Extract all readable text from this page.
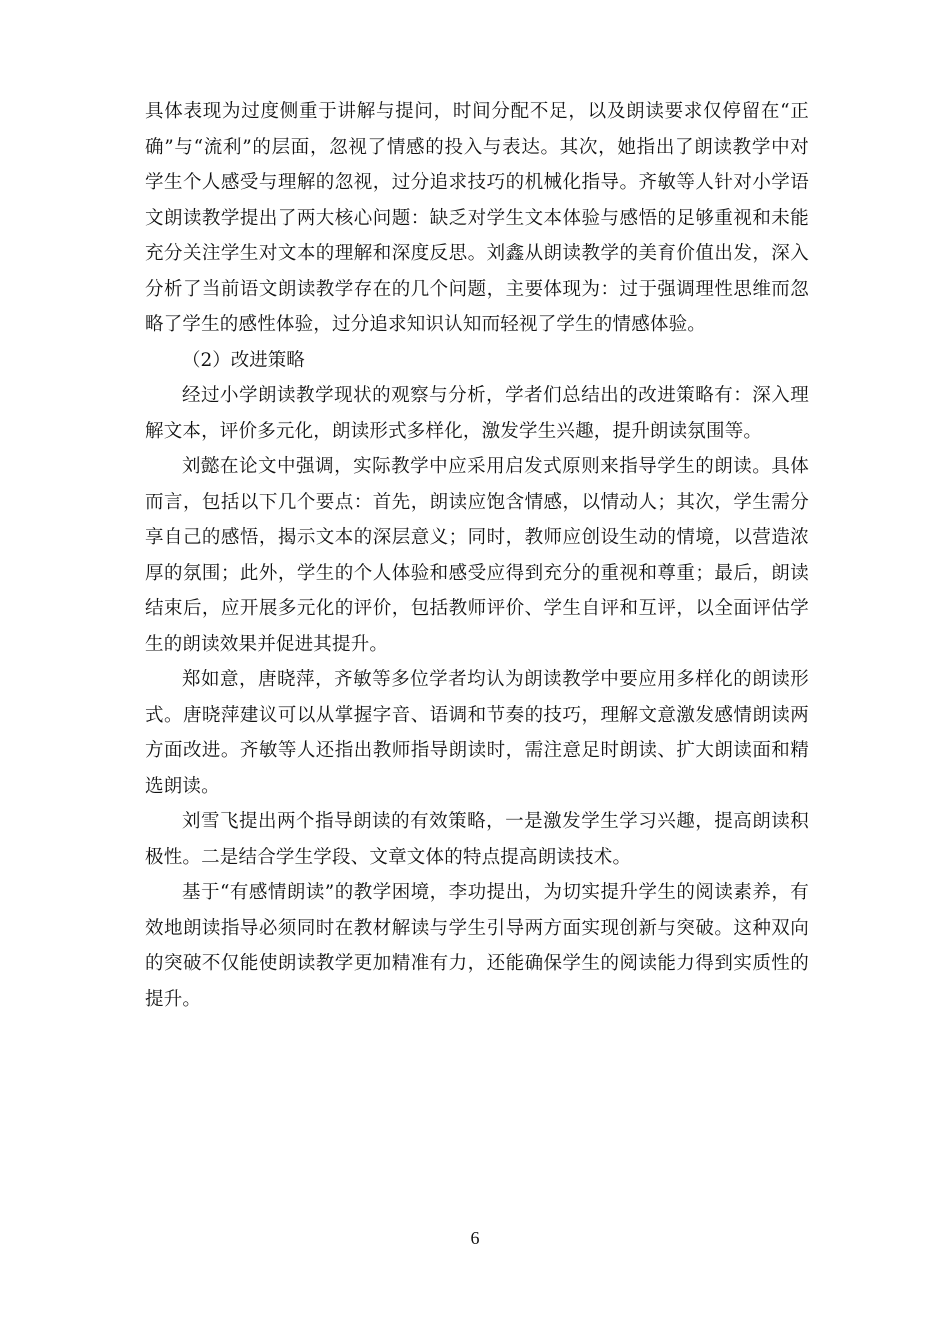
具体表现为过度侧重于讲解与提问，时间分配不足，以及朗读要求仅停留在“正确”与“流利”的层面，忽视了情感的投入与表达。其次，她指出了朗读教学中对学生个人感受与理解的忽视，过分追求技巧的机械化指导。齐敏等人针对小学语文朗读教学提出了两大核心问题：缺乏对学生文本体验与感悟的足够重视和未能充分关注学生对文本的理解和深度反思。刘鑫从朗读教学的美育价值出发，深入分析了当前语文朗读教学存在的几个问题，主要体现为：过于强调理性思维而忽略了学生的感性体验，过分追求知识认知而轻视了学生的情感体验。

（2）改进策略

经过小学朗读教学现状的观察与分析，学者们总结出的改进策略有：深入理解文本，评价多元化，朗读形式多样化，激发学生兴趣，提升朗读氛围等。

刘懿在论文中强调，实际教学中应采用启发式原则来指导学生的朗读。具体而言，包括以下几个要点：首先，朗读应饱含情感，以情动人；其次，学生需分享自己的感悟，揭示文本的深层意义；同时，教师应创设生动的情境，以营造浓厚的氛围；此外，学生的个人体验和感受应得到充分的重视和尊重；最后，朗读结束后，应开展多元化的评价，包括教师评价、学生自评和互评，以全面评估学生的朗读效果并促进其提升。

郑如意，唐晓萍，齐敏等多位学者均认为朗读教学中要应用多样化的朗读形式。唐晓萍建议可以从掌握字音、语调和节奏的技巧，理解文意激发感情朗读两方面改进。齐敏等人还指出教师指导朗读时，需注意足时朗读、扩大朗读面和精选朗读。

刘雪飞提出两个指导朗读的有效策略，一是激发学生学习兴趣，提高朗读积极性。二是结合学生学段、文章文体的特点提高朗读技术。

基于“有感情朗读”的教学困境，李功提出，为切实提升学生的阅读素养，有效地朗读指导必须同时在教材解读与学生引导两方面实现创新与突破。这种双向的突破不仅能使朗读教学更加精准有力，还能确保学生的阅读能力得到实质性的提升。

6
